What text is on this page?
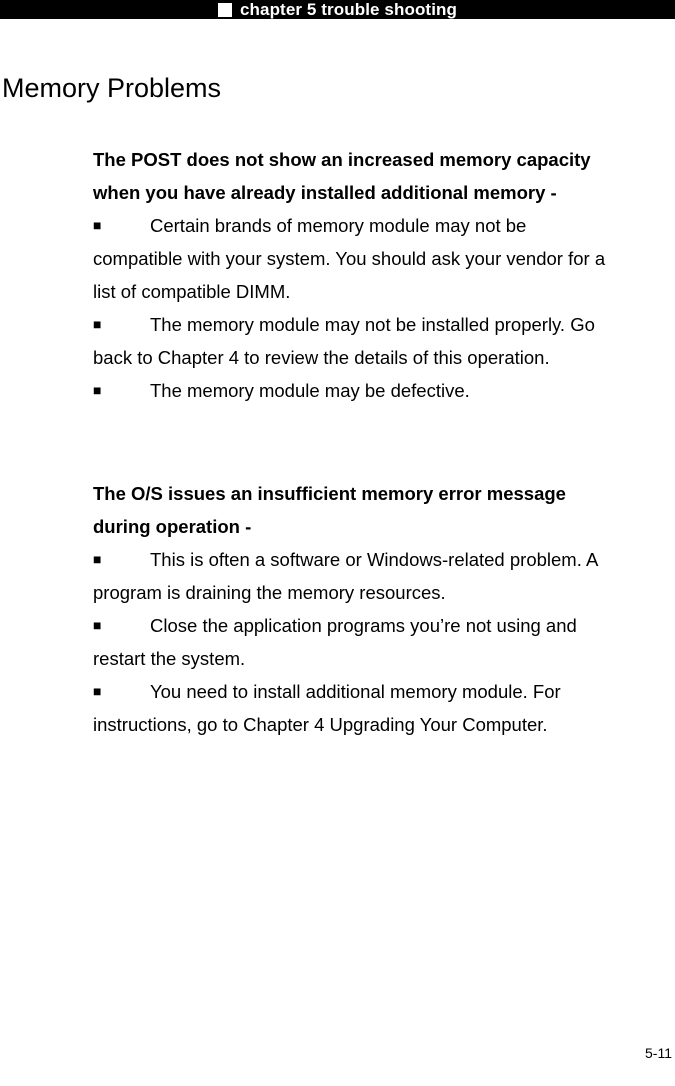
chapter 5 trouble shooting
Memory Problems

The POST does not show an increased memory capacity

when you have already installed additional memory -

■	Certain brands of memory module may not be

compatible with your system. You should ask your vendor for a

list of compatible DIMM.

■	The memory module may not be installed properly. Go

back to Chapter 4 to review the details of this operation.

■	The memory module may be defective.

The O/S issues an insufficient memory error message

during operation -

■	This is often a software or Windows-related problem. A

program is draining the memory resources.

■	Close the application programs you’re not using and

restart the system.

■	You need to install additional memory module. For

instructions, go to Chapter 4 Upgrading Your Computer.

5-11
